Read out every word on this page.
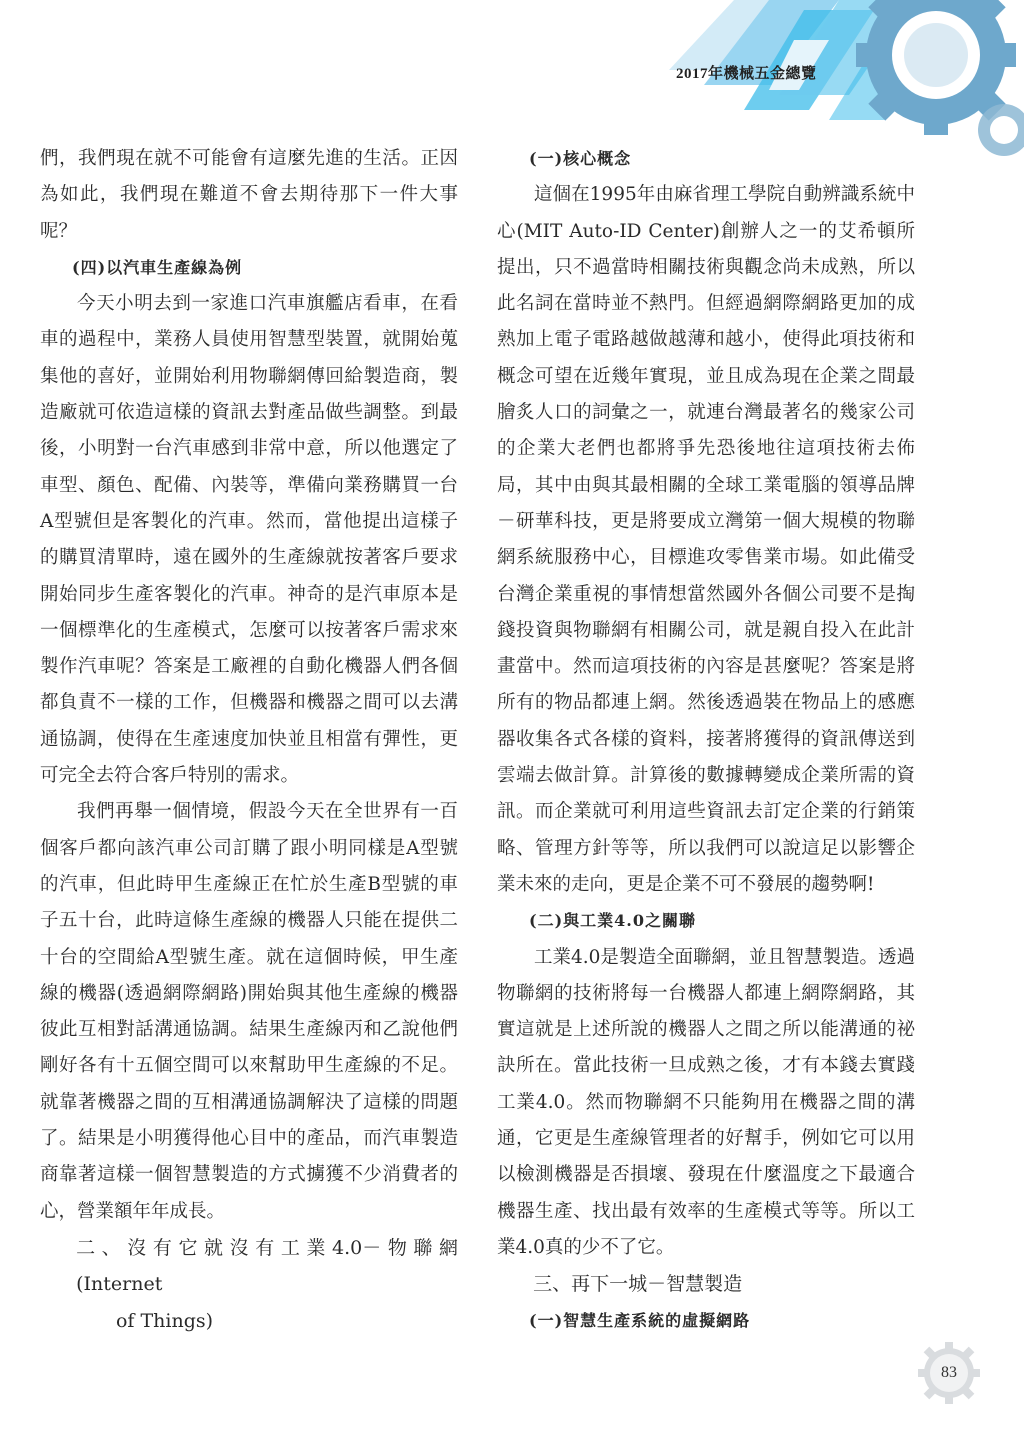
2017年機械五金總覽

們，我們現在就不可能會有這麼先進的生活。正因為如此，我們現在難道不會去期待那下一件大事呢？

(四)以汽車生產線為例

今天小明去到一家進口汽車旗艦店看車，在看車的過程中，業務人員使用智慧型裝置，就開始蒐集他的喜好，並開始利用物聯網傳回給製造商，製造廠就可依造這樣的資訊去對產品做些調整。到最後，小明對一台汽車感到非常中意，所以他選定了車型、顏色、配備、內裝等，準備向業務購買一台A型號但是客製化的汽車。然而，當他提出這樣子的購買清單時，遠在國外的生產線就按著客戶要求開始同步生產客製化的汽車。神奇的是汽車原本是一個標準化的生產模式，怎麼可以按著客戶需求來製作汽車呢？答案是工廠裡的自動化機器人們各個都負責不一樣的工作，但機器和機器之間可以去溝通協調，使得在生產速度加快並且相當有彈性，更可完全去符合客戶特別的需求。

我們再舉一個情境，假設今天在全世界有一百個客戶都向該汽車公司訂購了跟小明同樣是A型號的汽車，但此時甲生產線正在忙於生產B型號的車子五十台，此時這條生產線的機器人只能在提供二十台的空間給A型號生產。就在這個時候，甲生產線的機器(透過網際網路)開始與其他生產線的機器彼此互相對話溝通協調。結果生產線丙和乙說他們剛好各有十五個空間可以來幫助甲生產線的不足。就靠著機器之間的互相溝通協調解決了這樣的問題了。結果是小明獲得他心目中的產品，而汽車製造商靠著這樣一個智慧製造的方式擄獲不少消費者的心，營業額年年成長。

二、沒有它就沒有工業4.0－物聯網(Internet
of Things)

(一)核心概念

這個在1995年由麻省理工學院自動辨識系統中心(MIT Auto-ID Center)創辦人之一的艾希頓所提出，只不過當時相關技術與觀念尚未成熟，所以此名詞在當時並不熱門。但經過網際網路更加的成熟加上電子電路越做越薄和越小，使得此項技術和概念可望在近幾年實現，並且成為現在企業之間最膾炙人口的詞彙之一，就連台灣最著名的幾家公司的企業大老們也都將爭先恐後地往這項技術去佈局，其中由與其最相關的全球工業電腦的領導品牌－研華科技，更是將要成立灣第一個大規模的物聯網系統服務中心，目標進攻零售業市場。如此備受台灣企業重視的事情想當然國外各個公司要不是掏錢投資與物聯網有相關公司，就是親自投入在此計畫當中。然而這項技術的內容是甚麼呢？答案是將所有的物品都連上網。然後透過裝在物品上的感應器收集各式各樣的資料，接著將獲得的資訊傳送到雲端去做計算。計算後的數據轉變成企業所需的資訊。而企業就可利用這些資訊去訂定企業的行銷策略、管理方針等等，所以我們可以說這足以影響企業未來的走向，更是企業不可不發展的趨勢啊!

(二)與工業4.0之關聯

工業4.0是製造全面聯網，並且智慧製造。透過物聯網的技術將每一台機器人都連上網際網路，其實這就是上述所說的機器人之間之所以能溝通的祕訣所在。當此技術一旦成熟之後，才有本錢去實踐工業4.0。然而物聯網不只能夠用在機器之間的溝通，它更是生產線管理者的好幫手，例如它可以用以檢測機器是否損壞、發現在什麼溫度之下最適合機器生產、找出最有效率的生產模式等等。所以工業4.0真的少不了它。

三、再下一城－智慧製造

(一)智慧生產系統的虛擬網路

83
